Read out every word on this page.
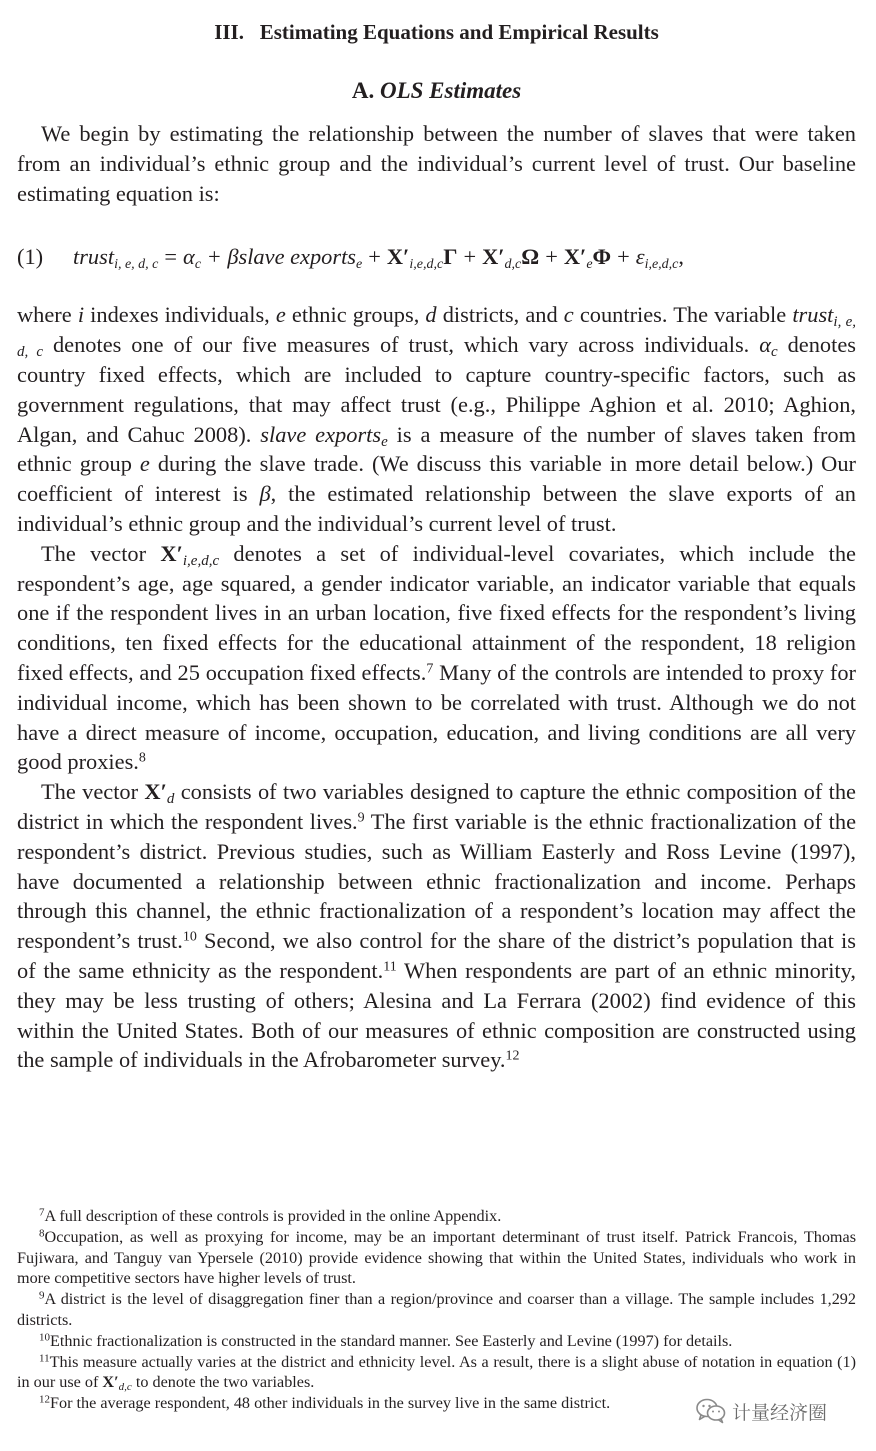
III. Estimating Equations and Empirical Results
A. OLS Estimates

We begin by estimating the relationship between the number of slaves that were taken from an individual’s ethnic group and the individual’s current level of trust. Our baseline estimating equation is:

(1) trust$_{i, e, d, c}$ = $\alpha_c$ + βslave exports$_e$ + $X'_{i,e,d,c}\Gamma + X'_{d,c}\Omega + X'_e\Phi + \varepsilon_{i,e,d,c}$,

where i indexes individuals, e ethnic groups, d districts, and c countries. The variable trust$_{i, e, d, c}$ denotes one of our five measures of trust, which vary across individuals. $\alpha_c$ denotes country fixed effects, which are included to capture country-specific factors, such as government regulations, that may affect trust (e.g., Philippe Aghion et al. 2010; Aghion, Algan, and Cahuc 2008). slave exports$_e$ is a measure of the number of slaves taken from ethnic group e during the slave trade. (We discuss this variable in more detail below.) Our coefficient of interest is β, the estimated relationship between the slave exports of an individual’s ethnic group and the individual’s current level of trust.

The vector $X'_{i,e,d,c}$ denotes a set of individual-level covariates, which include the respondent’s age, age squared, a gender indicator variable, an indicator variable that equals one if the respondent lives in an urban location, five fixed effects for the respondent’s living conditions, ten fixed effects for the educational attainment of the respondent, 18 religion fixed effects, and 25 occupation fixed effects.$^7$ Many of the controls are intended to proxy for individual income, which has been shown to be correlated with trust. Although we do not have a direct measure of income, occupation, education, and living conditions are all very good proxies.$^8$

The vector $X'_d$ consists of two variables designed to capture the ethnic composition of the district in which the respondent lives.$^9$ The first variable is the ethnic fractionalization of the respondent’s district. Previous studies, such as William Easterly and Ross Levine (1997), have documented a relationship between ethnic fractionalization and income. Perhaps through this channel, the ethnic fractionalization of a respondent’s location may affect the respondent’s trust.$^{10}$ Second, we also control for the share of the district’s population that is of the same ethnicity as the respondent.$^{11}$ When respondents are part of an ethnic minority, they may be less trusting of others; Alesina and La Ferrara (2002) find evidence of this within the United States. Both of our measures of ethnic composition are constructed using the sample of individuals in the Afrobarometer survey.$^{12}$

$^7$A full description of these controls is provided in the online Appendix.

$^8$Occupation, as well as proxying for income, may be an important determinant of trust itself. Patrick Francois, Thomas Fujiwara, and Tanguy van Ypersele (2010) provide evidence showing that within the United States, individuals who work in more competitive sectors have higher levels of trust.

$^9$A district is the level of disaggregation finer than a region/province and coarser than a village. The sample includes 1,292 districts.

$^{10}$Ethnic fractionalization is constructed in the standard manner. See Easterly and Levine (1997) for details.

$^{11}$This measure actually varies at the district and ethnicity level. As a result, there is a slight abuse of notation in equation (1) in our use of $X'_{d,c}$ to denote the two variables.

$^{12}$For the average respondent, 48 other individuals in the survey live in the same district.	计量经济圈
